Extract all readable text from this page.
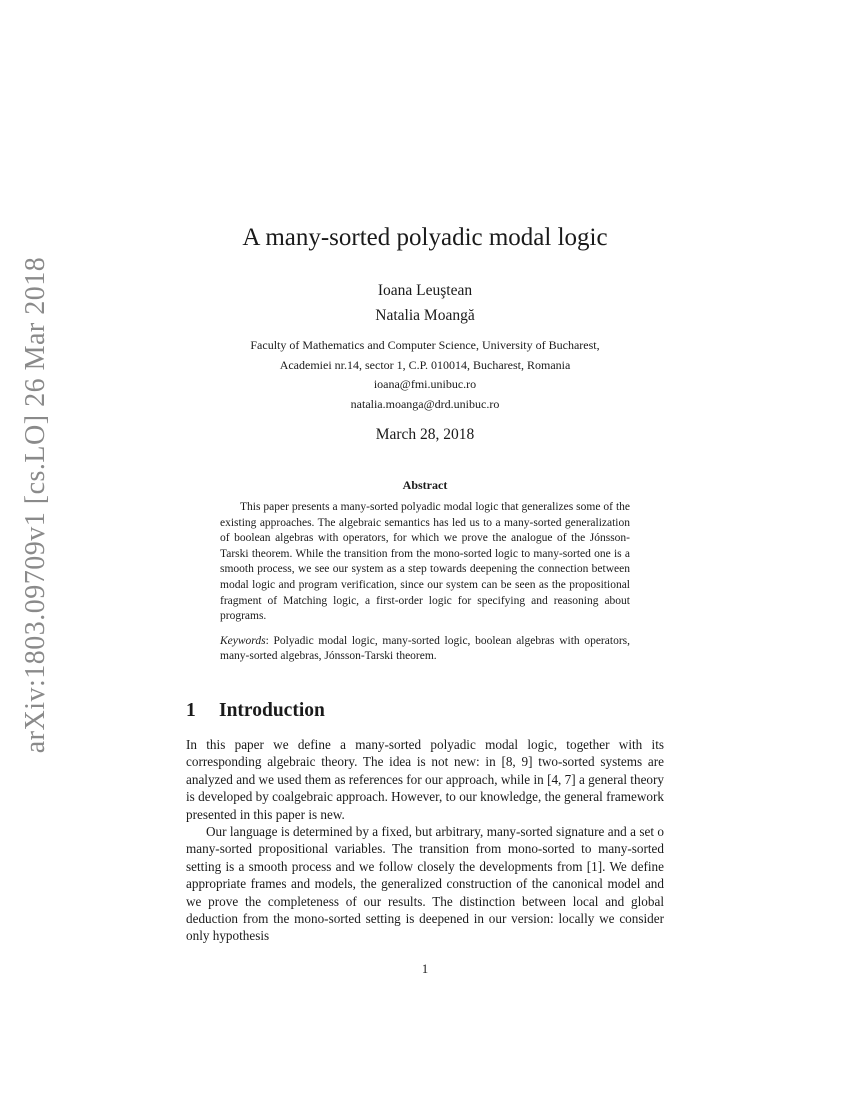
arXiv:1803.09709v1 [cs.LO] 26 Mar 2018
A many-sorted polyadic modal logic
Ioana Leuştean
Natalia Moangă
Faculty of Mathematics and Computer Science, University of Bucharest,
Academiei nr.14, sector 1, C.P. 010014, Bucharest, Romania
ioana@fmi.unibuc.ro
natalia.moanga@drd.unibuc.ro
March 28, 2018
Abstract

This paper presents a many-sorted polyadic modal logic that generalizes some of the existing approaches. The algebraic semantics has led us to a many-sorted generalization of boolean algebras with operators, for which we prove the analogue of the Jónsson-Tarski theorem. While the transition from the mono-sorted logic to many-sorted one is a smooth process, we see our system as a step towards deepening the connection between modal logic and program verification, since our system can be seen as the propositional fragment of Matching logic, a first-order logic for specifying and reasoning about programs.

Keywords: Polyadic modal logic, many-sorted logic, boolean algebras with operators, many-sorted algebras, Jónsson-Tarski theorem.

1 Introduction

In this paper we define a many-sorted polyadic modal logic, together with its corresponding algebraic theory. The idea is not new: in [8, 9] two-sorted systems are analyzed and we used them as references for our approach, while in [4, 7] a general theory is developed by coalgebraic approach. However, to our knowledge, the general framework presented in this paper is new.

Our language is determined by a fixed, but arbitrary, many-sorted signature and a set o many-sorted propositional variables. The transition from mono-sorted to many-sorted setting is a smooth process and we follow closely the developments from [1]. We define appropriate frames and models, the generalized construction of the canonical model and we prove the completeness of our results. The distinction between local and global deduction from the mono-sorted setting is deepened in our version: locally we consider only hypothesis

1
